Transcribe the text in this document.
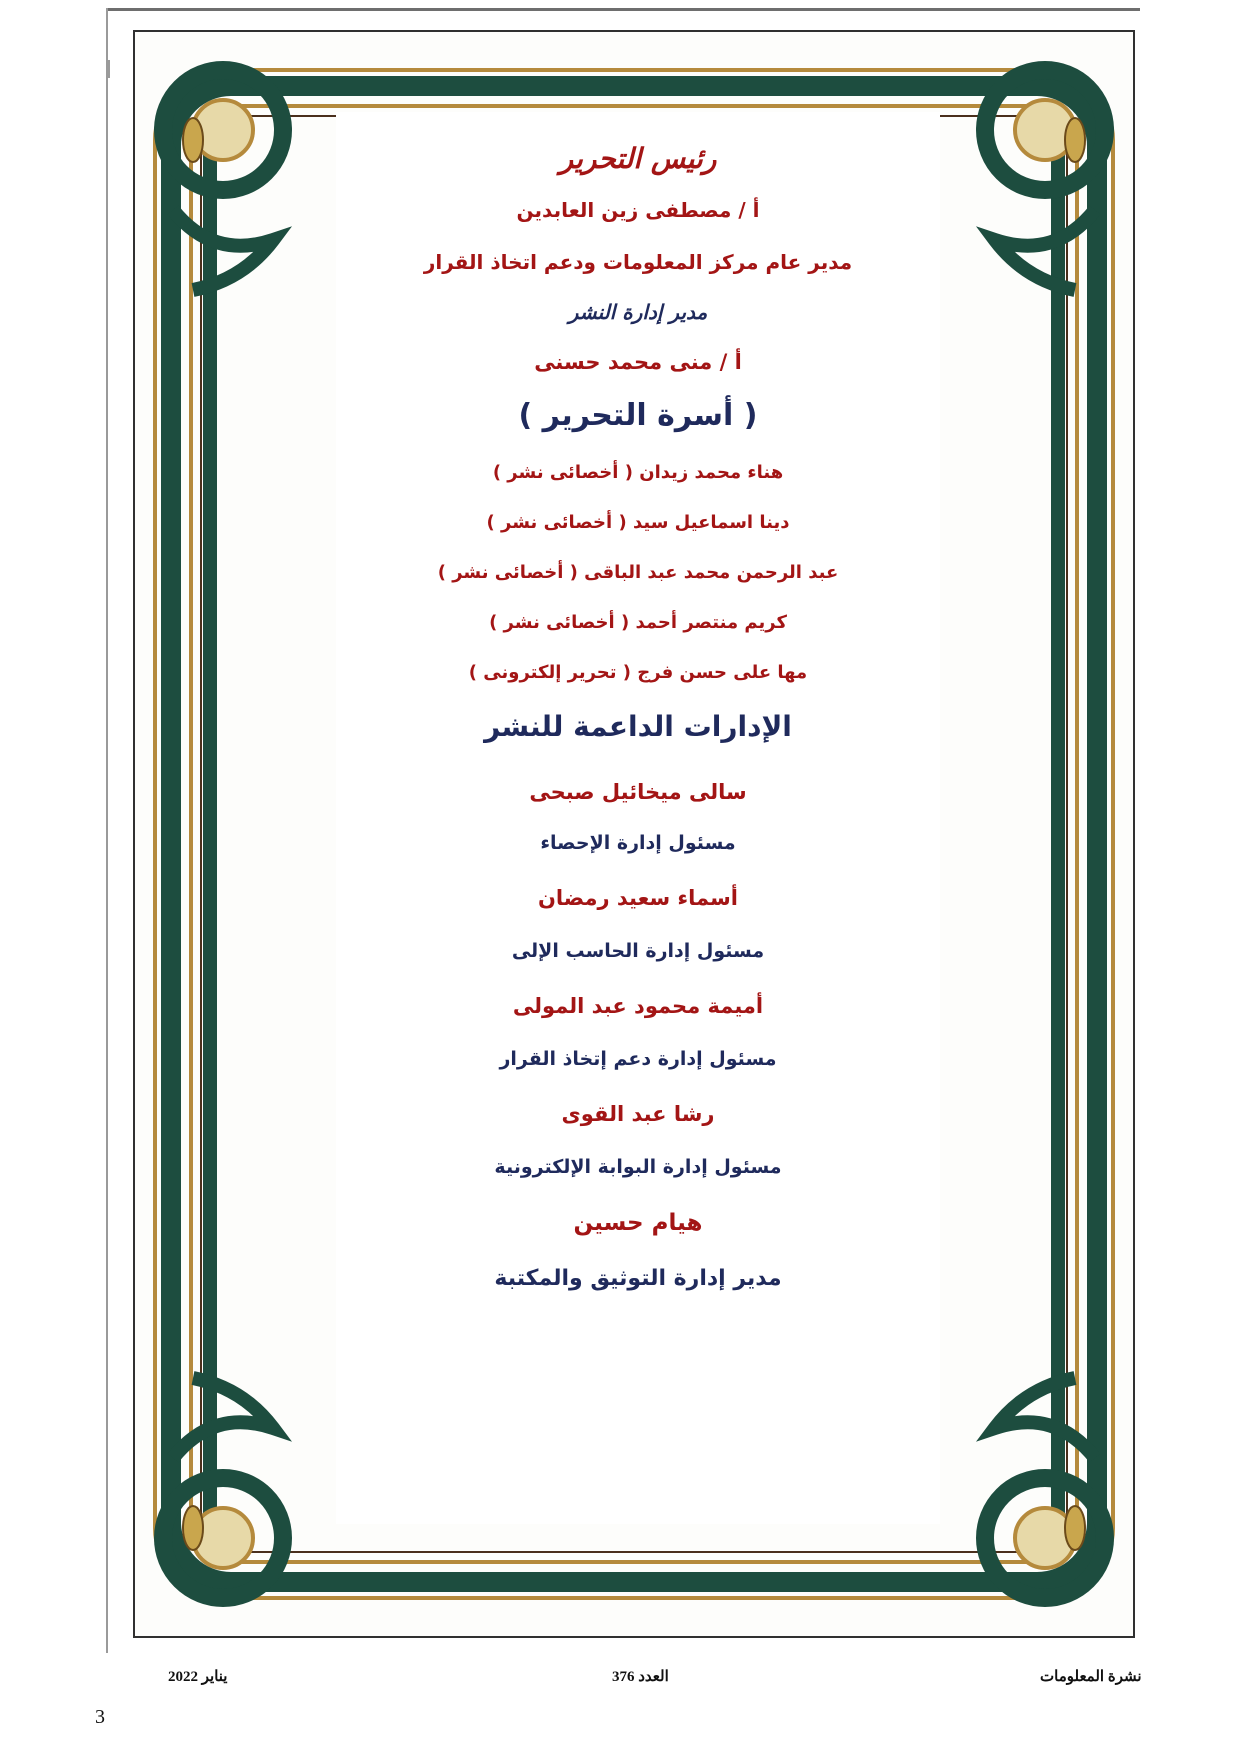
رئيس التحرير
أ / مصطفى زين العابدين
مدير عام مركز المعلومات ودعم اتخاذ القرار
مدير إدارة النشر
أ / منى محمد حسنى
( أسرة التحرير )
هناء محمد زيدان ( أخصائى نشر )
دينا اسماعيل سيد ( أخصائى نشر )
عبد الرحمن محمد عبد الباقى ( أخصائى نشر )
كريم منتصر أحمد ( أخصائى نشر )
مها على حسن فرج ( تحرير إلكترونى )
الإدارات الداعمة للنشر
سالى ميخائيل صبحى
مسئول إدارة الإحصاء
أسماء سعيد رمضان
مسئول إدارة الحاسب الإلى
أميمة محمود عبد المولى
مسئول إدارة دعم إتخاذ القرار
رشا عبد القوى
مسئول إدارة البوابة الإلكترونية
هيام حسين
مدير إدارة التوثيق والمكتبة
نشرة المعلومات
العدد 376
يناير 2022
3
